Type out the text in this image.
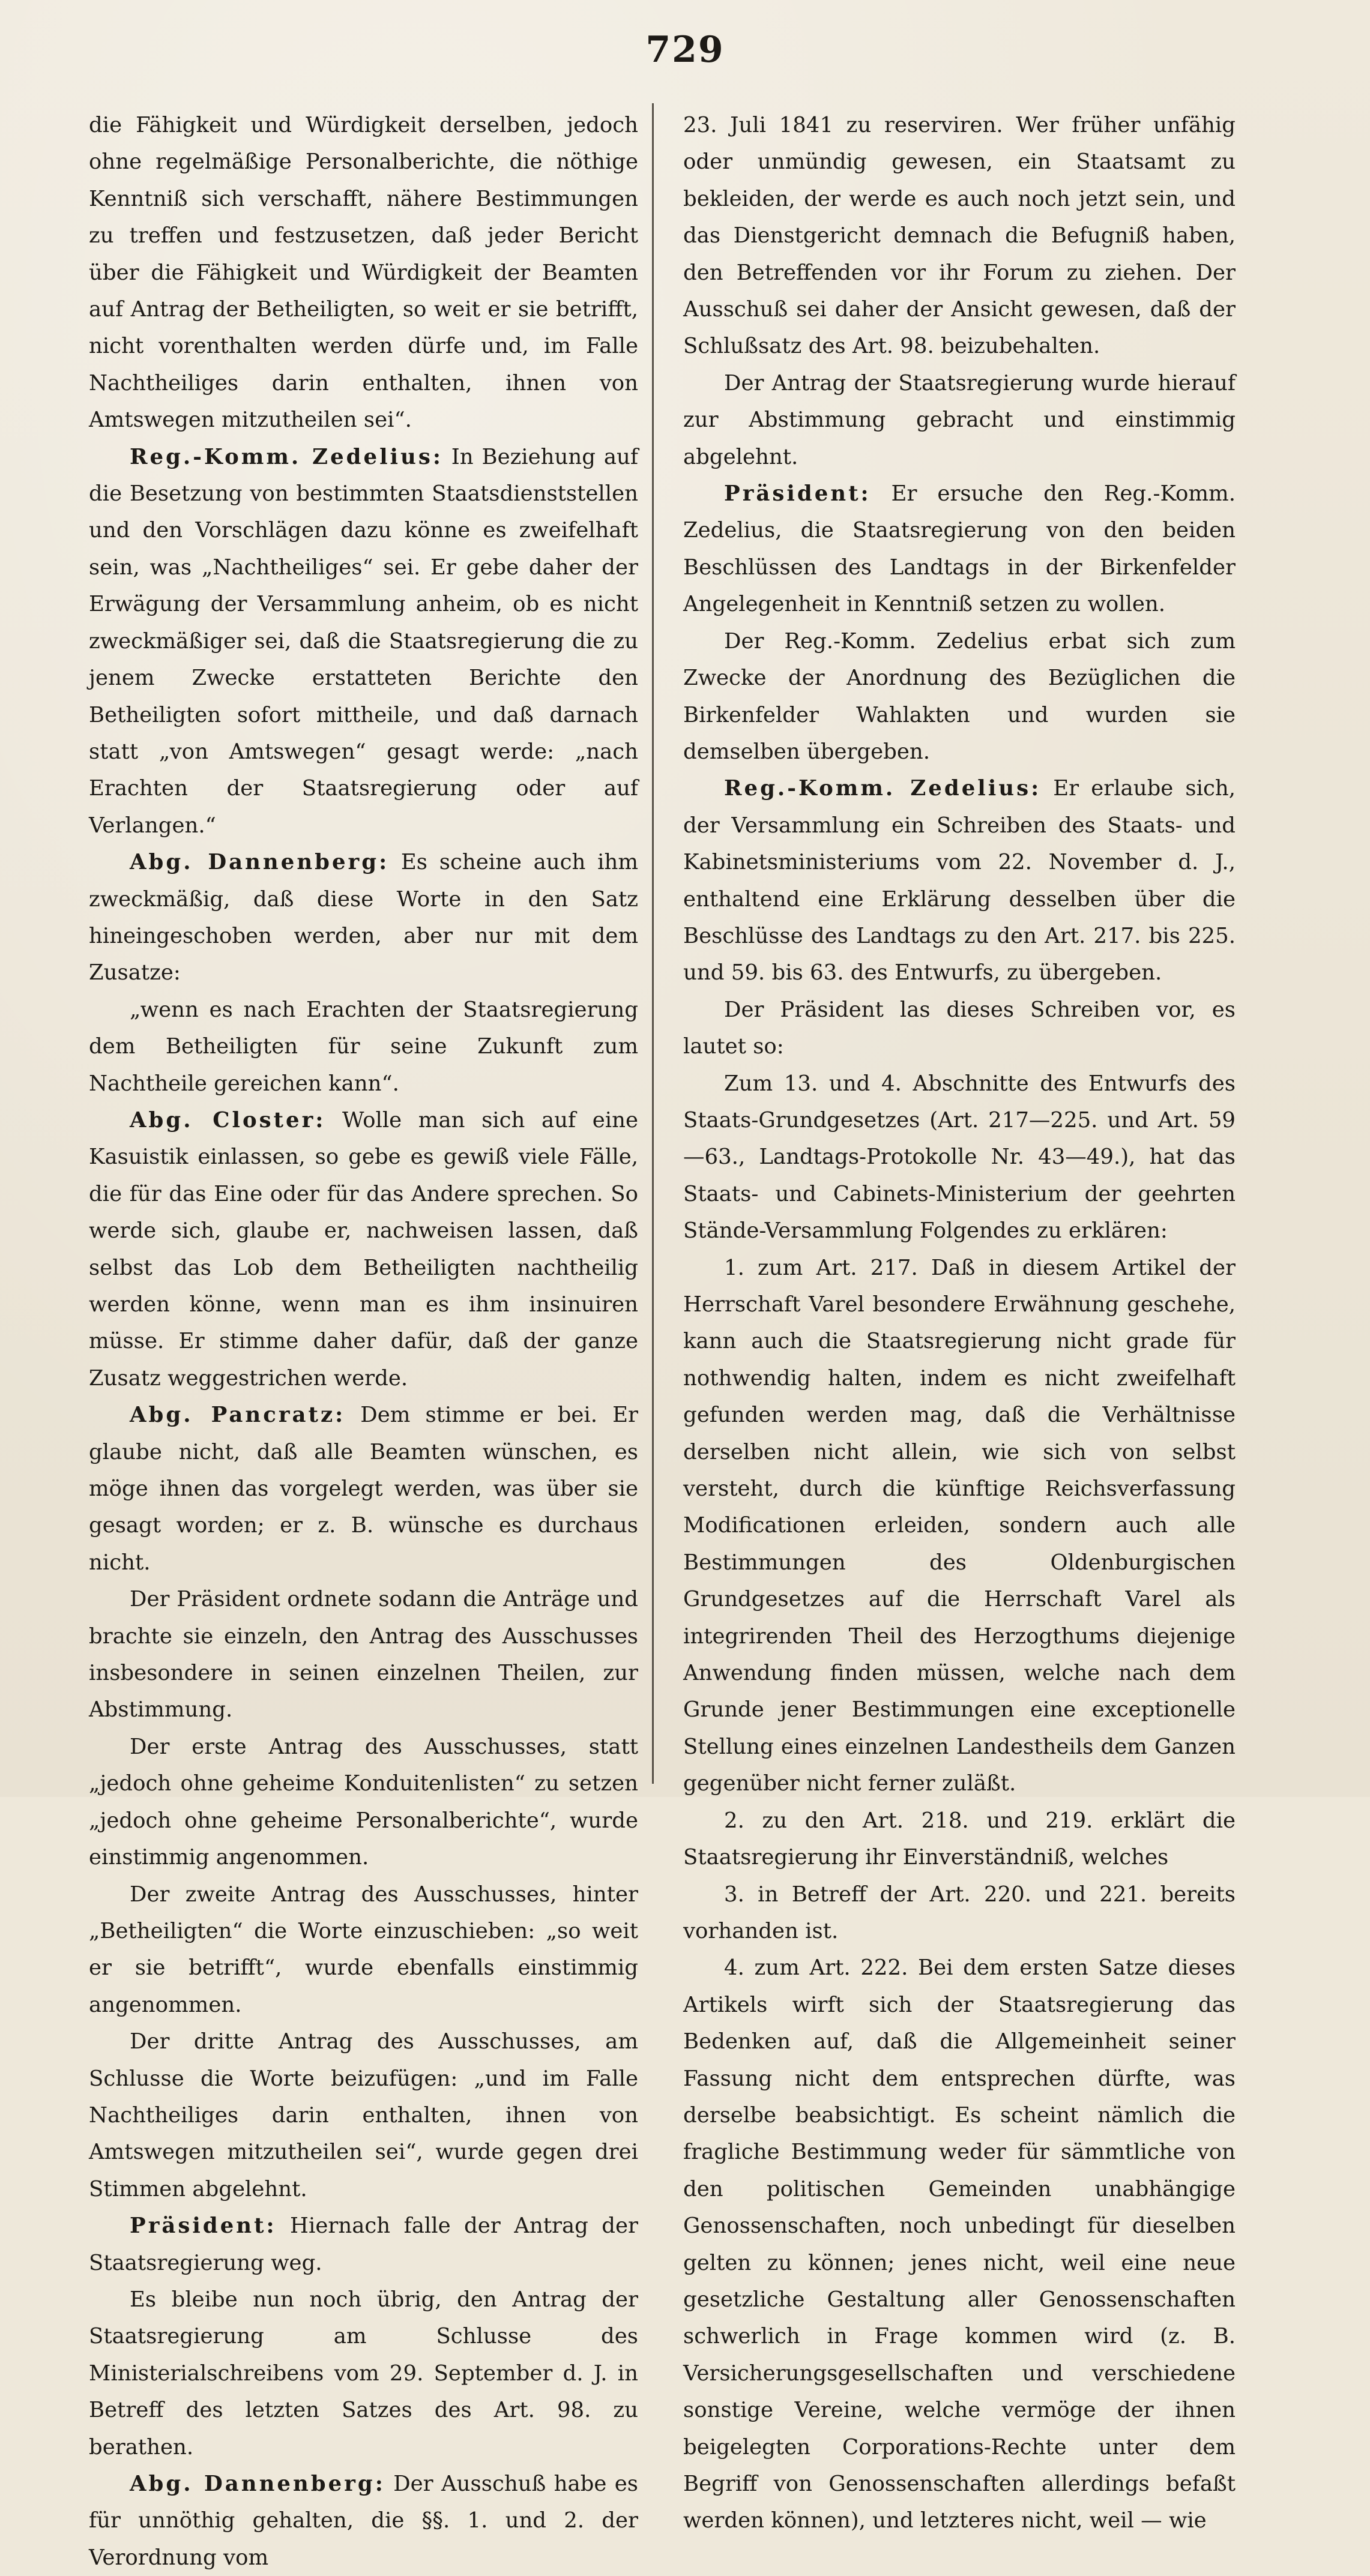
729

die Fähigkeit und Würdigkeit derselben, jedoch ohne regelmäßige Personalberichte, die nöthige Kenntniß sich verschafft, nähere Bestimmungen zu treffen und festzusetzen, daß jeder Bericht über die Fähigkeit und Würdigkeit der Beamten auf Antrag der Betheiligten, so weit er sie betrifft, nicht vorenthalten werden dürfe und, im Falle Nachtheiliges darin enthalten, ihnen von Amtswegen mitzutheilen sei“.

Reg.-Komm. Zedelius: In Beziehung auf die Besetzung von bestimmten Staatsdienststellen und den Vorschlägen dazu könne es zweifelhaft sein, was „Nachtheiliges“ sei. Er gebe daher der Erwägung der Versammlung anheim, ob es nicht zweckmäßiger sei, daß die Staatsregierung die zu jenem Zwecke erstatteten Berichte den Betheiligten sofort mittheile, und daß darnach statt „von Amtswegen“ gesagt werde: „nach Erachten der Staatsregierung oder auf Verlangen.“

Abg. Dannenberg: Es scheine auch ihm zweckmäßig, daß diese Worte in den Satz hineingeschoben werden, aber nur mit dem Zusatze:

„wenn es nach Erachten der Staatsregierung dem Betheiligten für seine Zukunft zum Nachtheile gereichen kann“.

Abg. Closter: Wolle man sich auf eine Kasuistik einlassen, so gebe es gewiß viele Fälle, die für das Eine oder für das Andere sprechen. So werde sich, glaube er, nachweisen lassen, daß selbst das Lob dem Betheiligten nachtheilig werden könne, wenn man es ihm insinuiren müsse. Er stimme daher dafür, daß der ganze Zusatz weggestrichen werde.

Abg. Pancratz: Dem stimme er bei. Er glaube nicht, daß alle Beamten wünschen, es möge ihnen das vorgelegt werden, was über sie gesagt worden; er z. B. wünsche es durchaus nicht.

Der Präsident ordnete sodann die Anträge und brachte sie einzeln, den Antrag des Ausschusses insbesondere in seinen einzelnen Theilen, zur Abstimmung.

Der erste Antrag des Ausschusses, statt „jedoch ohne geheime Konduitenlisten“ zu setzen „jedoch ohne geheime Personalberichte“, wurde einstimmig angenommen.

Der zweite Antrag des Ausschusses, hinter „Betheiligten“ die Worte einzuschieben: „so weit er sie betrifft“, wurde ebenfalls einstimmig angenommen.

Der dritte Antrag des Ausschusses, am Schlusse die Worte beizufügen: „und im Falle Nachtheiliges darin enthalten, ihnen von Amtswegen mitzutheilen sei“, wurde gegen drei Stimmen abgelehnt.

Präsident: Hiernach falle der Antrag der Staatsregierung weg.

Es bleibe nun noch übrig, den Antrag der Staatsregierung am Schlusse des Ministerialschreibens vom 29. September d. J. in Betreff des letzten Satzes des Art. 98. zu berathen.

Abg. Dannenberg: Der Ausschuß habe es für unnöthig gehalten, die §§. 1. und 2. der Verordnung vom

23. Juli 1841 zu reserviren. Wer früher unfähig oder unmündig gewesen, ein Staatsamt zu bekleiden, der werde es auch noch jetzt sein, und das Dienstgericht demnach die Befugniß haben, den Betreffenden vor ihr Forum zu ziehen. Der Ausschuß sei daher der Ansicht gewesen, daß der Schlußsatz des Art. 98. beizubehalten.

Der Antrag der Staatsregierung wurde hierauf zur Abstimmung gebracht und einstimmig abgelehnt.

Präsident: Er ersuche den Reg.-Komm. Zedelius, die Staatsregierung von den beiden Beschlüssen des Landtags in der Birkenfelder Angelegenheit in Kenntniß setzen zu wollen.

Der Reg.-Komm. Zedelius erbat sich zum Zwecke der Anordnung des Bezüglichen die Birkenfelder Wahlakten und wurden sie demselben übergeben.

Reg.-Komm. Zedelius: Er erlaube sich, der Versammlung ein Schreiben des Staats- und Kabinetsministeriums vom 22. November d. J., enthaltend eine Erklärung desselben über die Beschlüsse des Landtags zu den Art. 217. bis 225. und 59. bis 63. des Entwurfs, zu übergeben.

Der Präsident las dieses Schreiben vor, es lautet so:

Zum 13. und 4. Abschnitte des Entwurfs des Staats-Grundgesetzes (Art. 217—225. und Art. 59—63., Landtags-Protokolle Nr. 43—49.), hat das Staats- und Cabinets-Ministerium der geehrten Stände-Versammlung Folgendes zu erklären:

1. zum Art. 217. Daß in diesem Artikel der Herrschaft Varel besondere Erwähnung geschehe, kann auch die Staatsregierung nicht grade für nothwendig halten, indem es nicht zweifelhaft gefunden werden mag, daß die Verhältnisse derselben nicht allein, wie sich von selbst versteht, durch die künftige Reichsverfassung Modificationen erleiden, sondern auch alle Bestimmungen des Oldenburgischen Grundgesetzes auf die Herrschaft Varel als integrirenden Theil des Herzogthums diejenige Anwendung finden müssen, welche nach dem Grunde jener Bestimmungen eine exceptionelle Stellung eines einzelnen Landestheils dem Ganzen gegenüber nicht ferner zuläßt.

2. zu den Art. 218. und 219. erklärt die Staatsregierung ihr Einverständniß, welches

3. in Betreff der Art. 220. und 221. bereits vorhanden ist.

4. zum Art. 222. Bei dem ersten Satze dieses Artikels wirft sich der Staatsregierung das Bedenken auf, daß die Allgemeinheit seiner Fassung nicht dem entsprechen dürfte, was derselbe beabsichtigt. Es scheint nämlich die fragliche Bestimmung weder für sämmtliche von den politischen Gemeinden unabhängige Genossenschaften, noch unbedingt für dieselben gelten zu können; jenes nicht, weil eine neue gesetzliche Gestaltung aller Genossenschaften schwerlich in Frage kommen wird (z. B. Versicherungsgesellschaften und verschiedene sonstige Vereine, welche vermöge der ihnen beigelegten Corporations-Rechte unter dem Begriff von Genossenschaften allerdings befaßt werden können), und letzteres nicht, weil — wie
